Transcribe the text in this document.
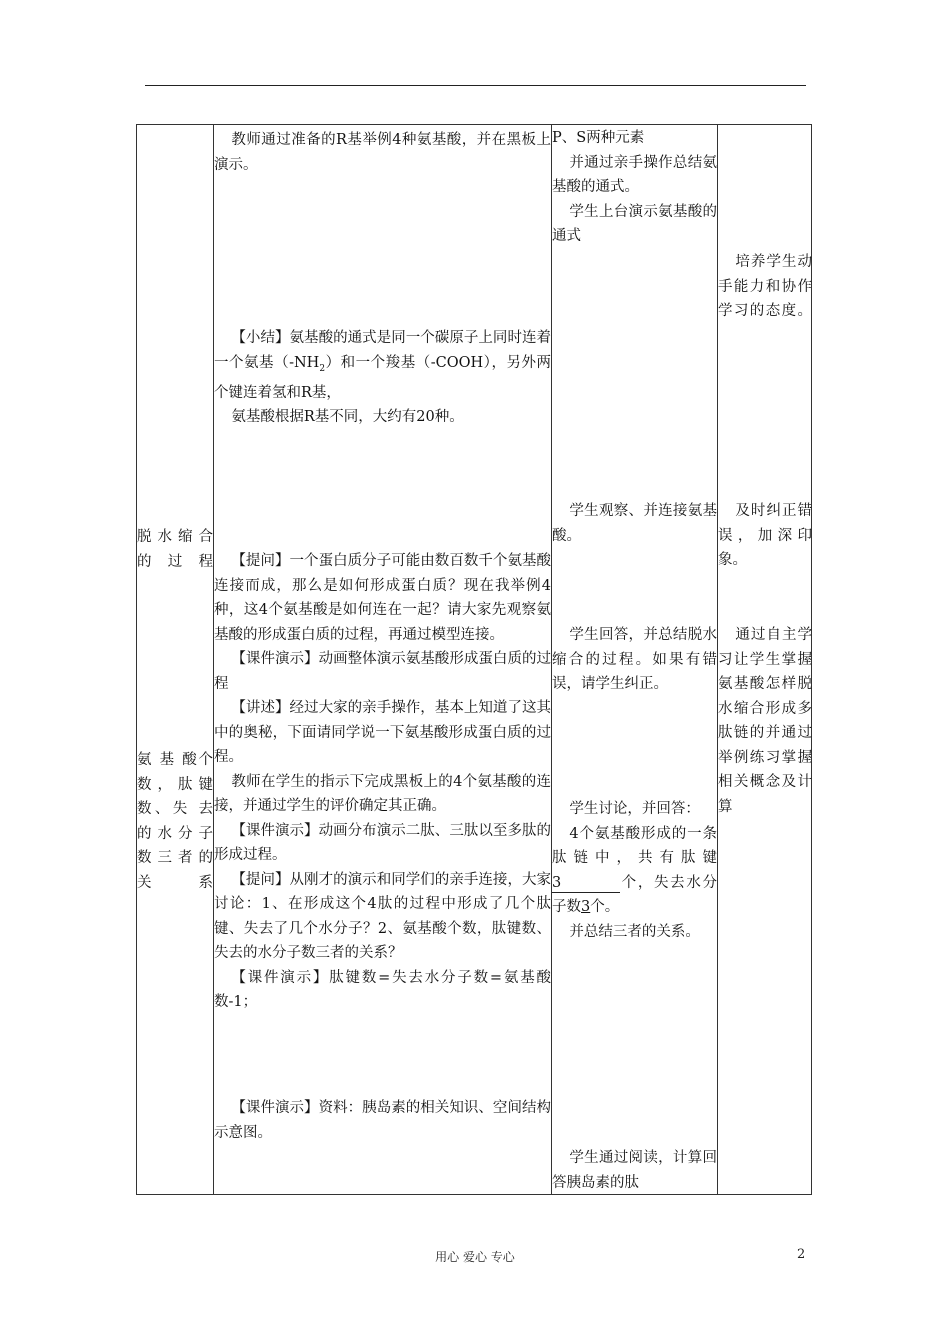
脱 水 缩 合 的过程

氨 基 酸个数，肽键数、失 去 的 水 分 子 数 三 者 的关系

教师通过准备的R基举例4种氨基酸，并在黑板上演示。

【小结】氨基酸的通式是同一个碳原子上同时连着一个氨基$(-NH_2)$和一个羧基（-COOH），另外两个键连着氢和R基，

氨基酸根据R基不同，大约有20种。

【提问】一个蛋白质分子可能由数百数千个氨基酸连接而成，那么是如何形成蛋白质？现在我举例4种，这4个氨基酸是如何连在一起？请大家先观察氨基酸的形成蛋白质的过程，再通过模型连接。

【课件演示】动画整体演示氨基酸形成蛋白质的过程

【讲述】经过大家的亲手操作，基本上知道了这其中的奥秘，下面请同学说一下氨基酸形成蛋白质的过程。

教师在学生的指示下完成黑板上的4个氨基酸的连接，并通过学生的评价确定其正确。

【课件演示】动画分布演示二肽、三肽以至多肽的形成过程。

【提问】从刚才的演示和同学们的亲手连接，大家讨论：1、在形成这个4肽的过程中形成了几个肽键、失去了几个水分子？2、氨基酸个数，肽键数、失去的水分子数三者的关系？

【课件演示】肽键数=失去水分子数=氨基酸数-1；

【课件演示】资料：胰岛素的相关知识、空间结构示意图。

P、S两种元素

并通过亲手操作总结氨基酸的通式。

学生上台演示氨基酸的通式

学生观察、并连接氨基酸。

学生回答，并总结脱水缩合的过程。如果有错误，请学生纠正。

学生讨论，并回答：

4个氨基酸形成的一条肽链中，共有肽键3	个，失去水分子数3个。

并总结三者的关系。

学生通过阅读，计算回答胰岛素的肽

培养学生动手能力和协作学习的态度。

及时纠正错误，加深印象。

通过自主学习让学生掌握氨基酸怎样脱水缩合形成多肽链的并通过举例练习掌握相关概念及计算

用心 爱心 专心	2
